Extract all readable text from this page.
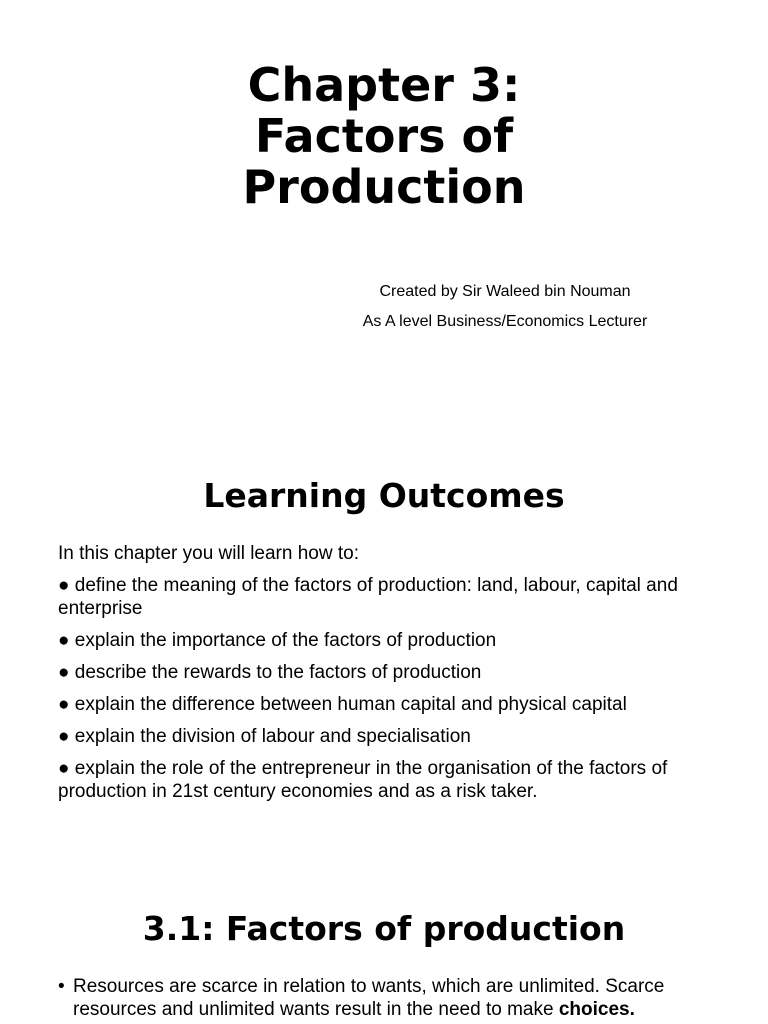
Chapter 3:
Factors of
Production
Created by Sir Waleed bin Nouman
As A level Business/Economics Lecturer
Learning Outcomes
In this chapter you will learn how to:
● define the meaning of the factors of production: land, labour, capital and enterprise
● explain the importance of the factors of production
● describe the rewards to the factors of production
● explain the difference between human capital and physical capital
● explain the division of labour and specialisation
● explain the role of the entrepreneur in the organisation of the factors of production in 21st century economies and as a risk taker.
3.1: Factors of production
• Resources are scarce in relation to wants, which are unlimited. Scarce resources and unlimited wants result in the need to make choices.
